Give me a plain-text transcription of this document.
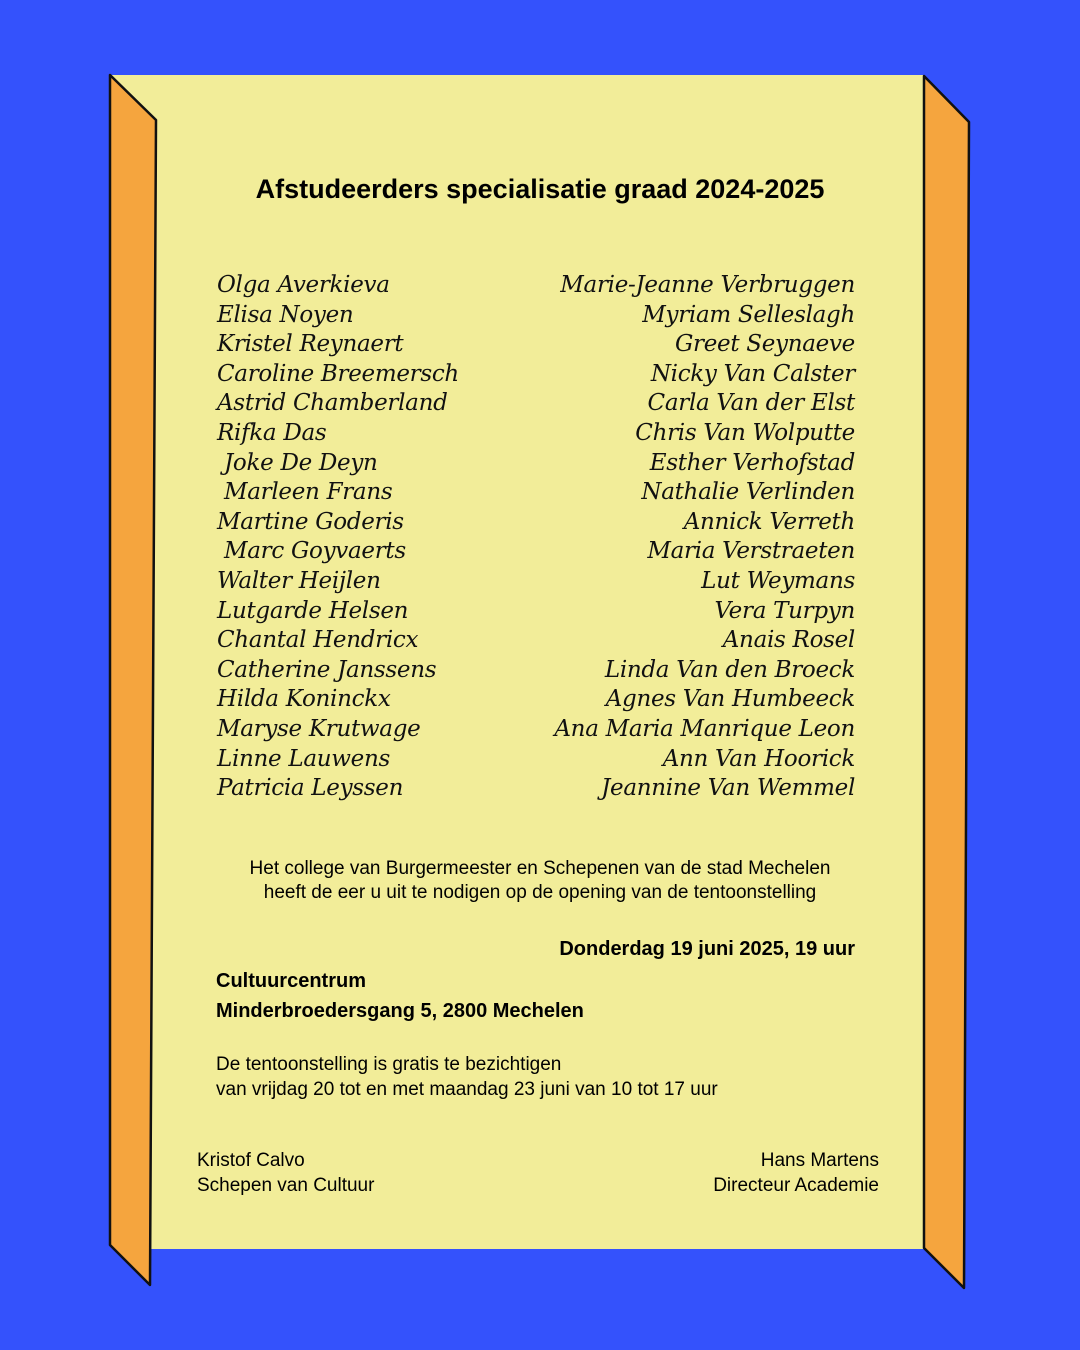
Afstudeerders specialisatie graad 2024-2025
Olga Averkieva
Elisa Noyen
Kristel Reynaert
Caroline Breemersch
Astrid Chamberland
Rifka Das
Joke De Deyn
Marleen Frans
Martine Goderis
Marc Goyvaerts
Walter Heijlen
Lutgarde Helsen
Chantal Hendricx
Catherine Janssens
Hilda Koninckx
Maryse Krutwage
Linne Lauwens
Patricia Leyssen
Marie-Jeanne Verbruggen
Myriam Selleslagh
Greet Seynaeve
Nicky Van Calster
Carla Van der Elst
Chris Van Wolputte
Esther Verhofstad
Nathalie Verlinden
Annick Verreth
Maria Verstraeten
Lut Weymans
Vera Turpyn
Anais Rosel
Linda Van den Broeck
Agnes Van Humbeeck
Ana Maria Manrique Leon
Ann Van Hoorick
Jeannine Van Wemmel
Het college van Burgermeester en Schepenen van de stad Mechelen
heeft de eer u uit te nodigen op de opening van de tentoonstelling
Donderdag 19 juni 2025, 19 uur
Cultuurcentrum
Minderbroedersgang 5, 2800 Mechelen
De tentoonstelling is gratis te bezichtigen
van vrijdag 20 tot en met maandag 23 juni van 10 tot 17 uur
Kristof Calvo
Schepen van Cultuur
Hans Martens
Directeur Academie
